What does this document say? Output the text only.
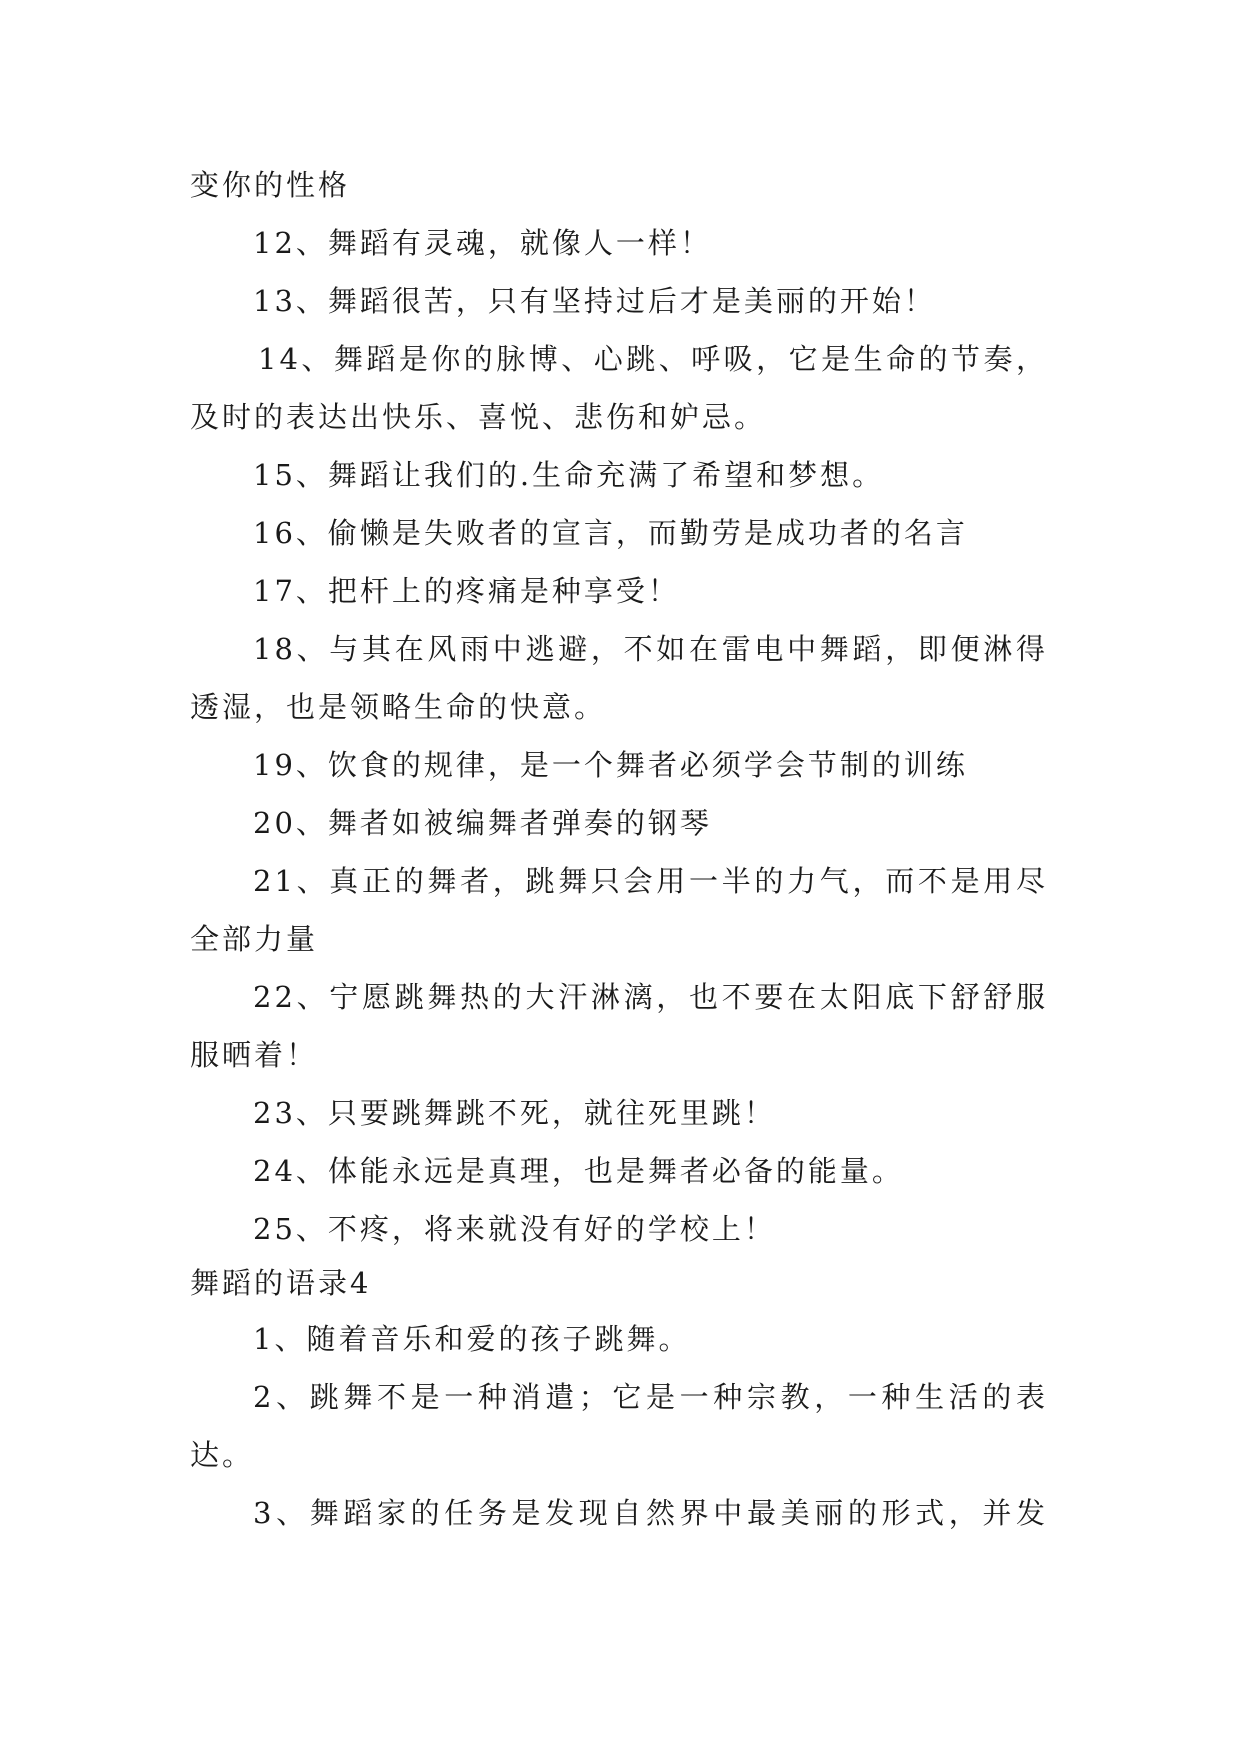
变你的性格
12、舞蹈有灵魂，就像人一样！
13、舞蹈很苦，只有坚持过后才是美丽的开始！
14、舞蹈是你的脉博、心跳、呼吸，它是生命的节奏，
及时的表达出快乐、喜悦、悲伤和妒忌。
15、舞蹈让我们的.生命充满了希望和梦想。
16、偷懒是失败者的宣言，而勤劳是成功者的名言
17、把杆上的疼痛是种享受！
18、与其在风雨中逃避，不如在雷电中舞蹈，即便淋得
透湿，也是领略生命的快意。
19、饮食的规律，是一个舞者必须学会节制的训练
20、舞者如被编舞者弹奏的钢琴
21、真正的舞者，跳舞只会用一半的力气，而不是用尽
全部力量
22、宁愿跳舞热的大汗淋漓，也不要在太阳底下舒舒服
服晒着！
23、只要跳舞跳不死，就往死里跳！
24、体能永远是真理，也是舞者必备的能量。
25、不疼，将来就没有好的学校上！
舞蹈的语录4
1、随着音乐和爱的孩子跳舞。
2、跳舞不是一种消遣；它是一种宗教，一种生活的表
达。
3、舞蹈家的任务是发现自然界中最美丽的形式，并发
